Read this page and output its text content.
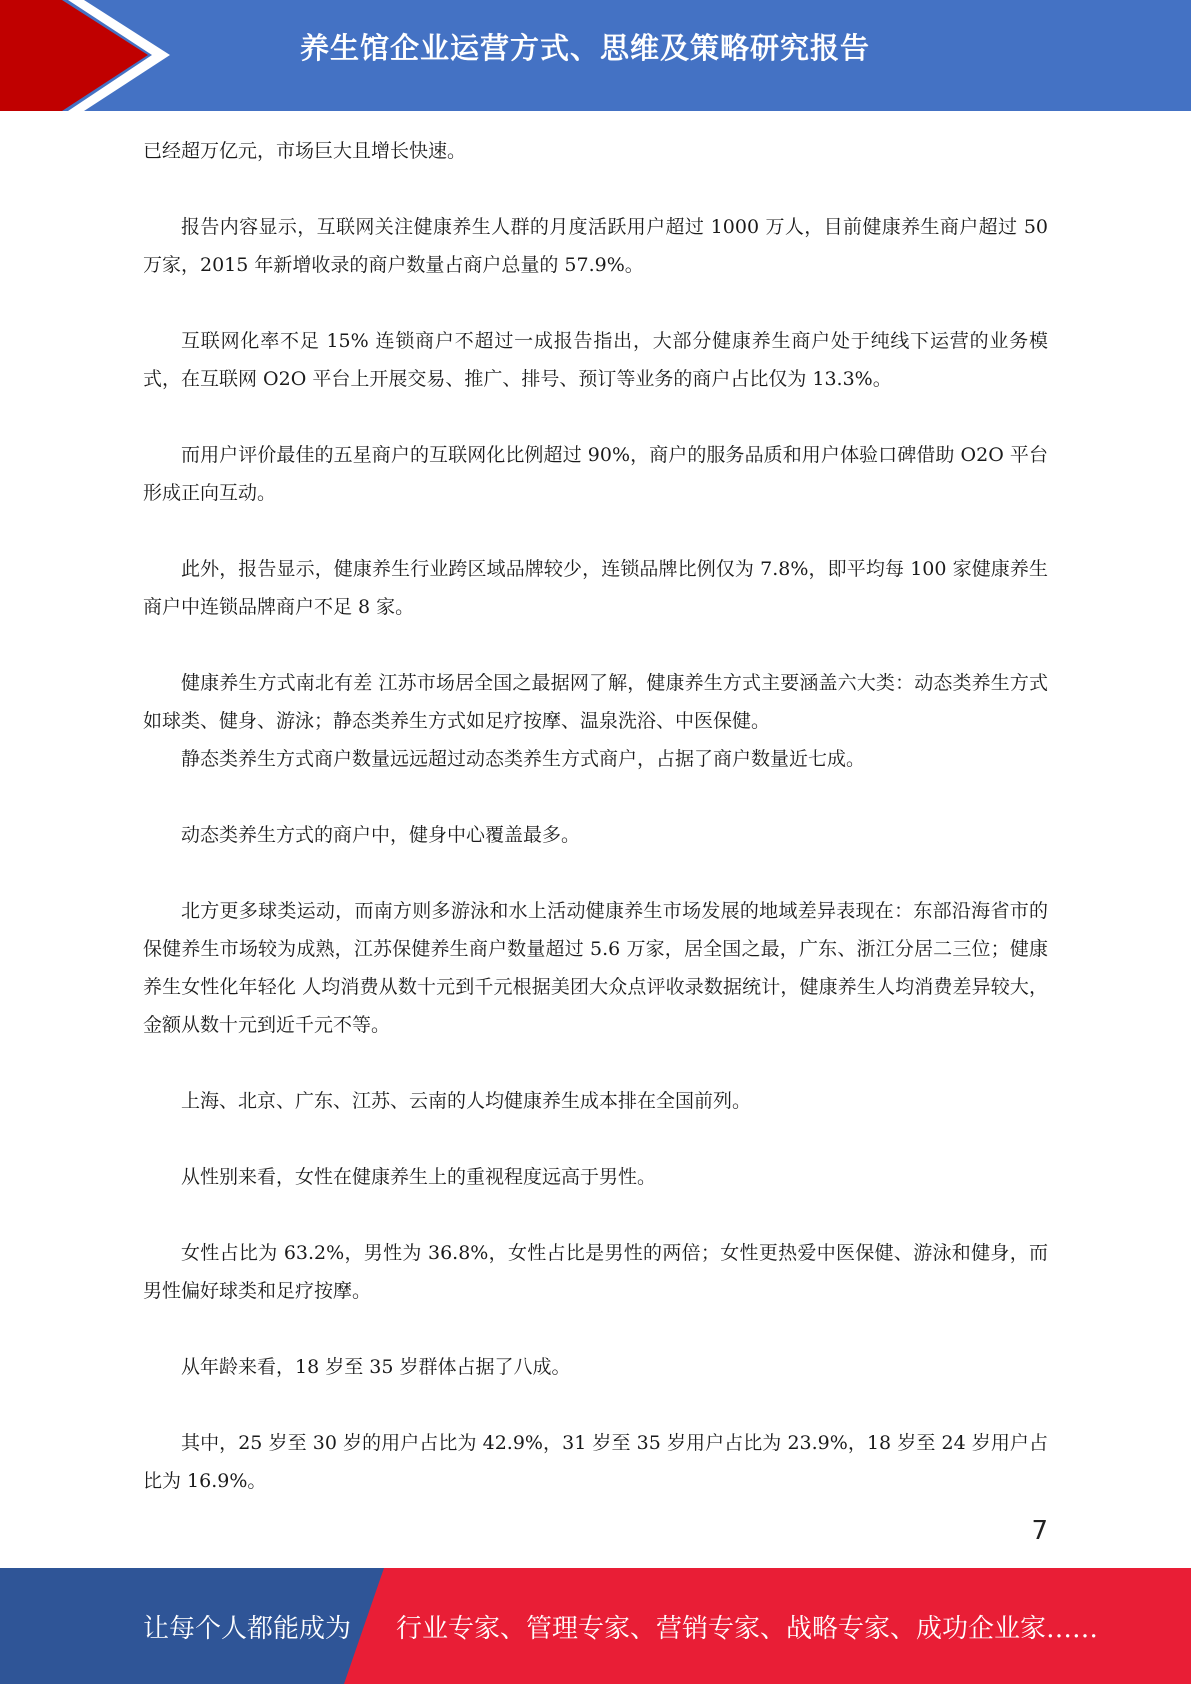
养生馆企业运营方式、思维及策略研究报告

已经超万亿元，市场巨大且增长快速。

报告内容显示，互联网关注健康养生人群的月度活跃用户超过 1000 万人，目前健康养生商户超过 50 万家，2015 年新增收录的商户数量占商户总量的 57.9%。

互联网化率不足 15% 连锁商户不超过一成报告指出，大部分健康养生商户处于纯线下运营的业务模式，在互联网 O2O 平台上开展交易、推广、排号、预订等业务的商户占比仅为 13.3%。

而用户评价最佳的五星商户的互联网化比例超过 90%，商户的服务品质和用户体验口碑借助 O2O 平台形成正向互动。

此外，报告显示，健康养生行业跨区域品牌较少，连锁品牌比例仅为 7.8%，即平均每 100 家健康养生商户中连锁品牌商户不足 8 家。

健康养生方式南北有差 江苏市场居全国之最据网了解，健康养生方式主要涵盖六大类：动态类养生方式如球类、健身、游泳；静态类养生方式如足疗按摩、温泉洗浴、中医保健。

静态类养生方式商户数量远远超过动态类养生方式商户，占据了商户数量近七成。

动态类养生方式的商户中，健身中心覆盖最多。

北方更多球类运动，而南方则多游泳和水上活动健康养生市场发展的地域差异表现在：东部沿海省市的保健养生市场较为成熟，江苏保健养生商户数量超过 5.6 万家，居全国之最，广东、浙江分居二三位；健康养生女性化年轻化 人均消费从数十元到千元根据美团大众点评收录数据统计，健康养生人均消费差异较大，金额从数十元到近千元不等。

上海、北京、广东、江苏、云南的人均健康养生成本排在全国前列。

从性别来看，女性在健康养生上的重视程度远高于男性。

女性占比为 63.2%，男性为 36.8%，女性占比是男性的两倍；女性更热爱中医保健、游泳和健身，而男性偏好球类和足疗按摩。

从年龄来看，18 岁至 35 岁群体占据了八成。

其中，25 岁至 30 岁的用户占比为 42.9%，31 岁至 35 岁用户占比为 23.9%，18 岁至 24 岁用户占比为 16.9%。

7
让每个人都能成为 行业专家、管理专家、营销专家、战略专家、成功企业家……
